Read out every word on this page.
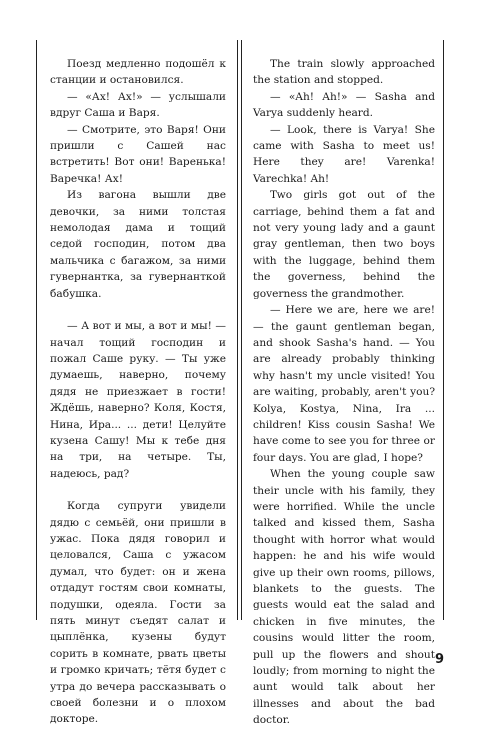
Поезд медленно подошёл к станции и остановился.

— «Ах! Ах!» — услышали вдруг Саша и Варя.

— Смотрите, это Варя! Они пришли с Сашей нас встретить! Вот они! Варенька! Варечка! Ах!

Из вагона вышли две девочки, за ними толстая немолодая дама и тощий седой господин, потом два мальчика с багажом, за ними гувернантка, за гувернанткой бабушка.

— А вот и мы, а вот и мы! — начал тощий господин и пожал Саше руку. — Ты уже думаешь, наверно, почему дядя не приезжает в гости! Ждёшь, наверно? Коля, Костя, Нина, Ира... ... дети! Целуйте кузена Сашу! Мы к тебе дня на три, на четыре. Ты, надеюсь, рад?

Когда супруги увидели дядю с семьёй, они пришли в ужас. Пока дядя говорил и целовался, Саша с ужасом думал, что будет: он и жена отдадут гостям свои комнаты, подушки, одеяла. Гости за пять минут съедят салат и цыплёнка, кузены будут сорить в комнате, рвать цветы и громко кричать; тётя будет с утра до вечера рассказывать о своей болезни и о плохом докторе.

The train slowly approached the station and stopped.

— «Ah! Ah!» — Sasha and Varya suddenly heard.

— Look, there is Varya! She came with Sasha to meet us! Here they are! Varenka! Varechka! Ah!

Two girls got out of the carriage, behind them a fat and not very young lady and a gaunt gray gentleman, then two boys with the luggage, behind them the governess, behind the governess the grandmother.

— Here we are, here we are! — the gaunt gentleman began, and shook Sasha's hand. — You are already probably thinking why hasn't my uncle visited! You are waiting, probably, aren't you? Kolya, Kostya, Nina, Ira ... children! Kiss cousin Sasha! We have come to see you for three or four days. You are glad, I hope?

When the young couple saw their uncle with his family, they were horrified. While the uncle talked and kissed them, Sasha thought with horror what would happen: he and his wife would give up their own rooms, pillows, blankets to the guests. The guests would eat the salad and chicken in five minutes, the cousins would litter the room, pull up the flowers and shout loudly; from morning to night the aunt would talk about her illnesses and about the bad doctor.

9
